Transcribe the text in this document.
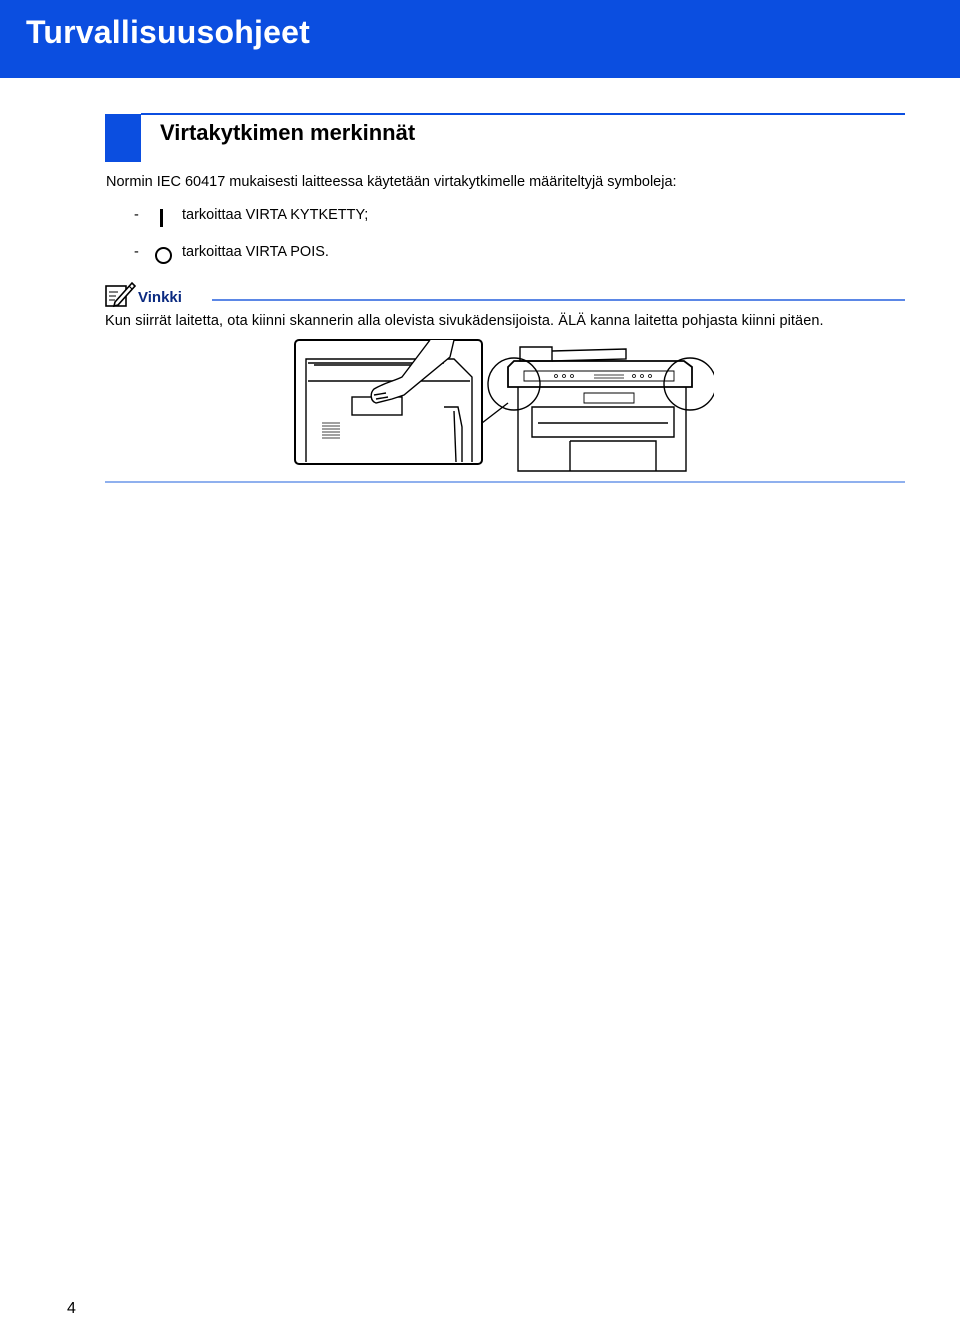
Turvallisuusohjeet
Virtakytkimen merkinnät
Normin IEC 60417 mukaisesti laitteessa käytetään virtakytkimelle määriteltyjä symboleja:
-	tarkoittaa VIRTA KYTKETTY;
-	tarkoittaa VIRTA POIS.
Vinkki
Kun siirrät laitetta, ota kiinni skannerin alla olevista sivukädensijoista. ÄLÄ kanna laitetta pohjasta kiinni pitäen.
4
